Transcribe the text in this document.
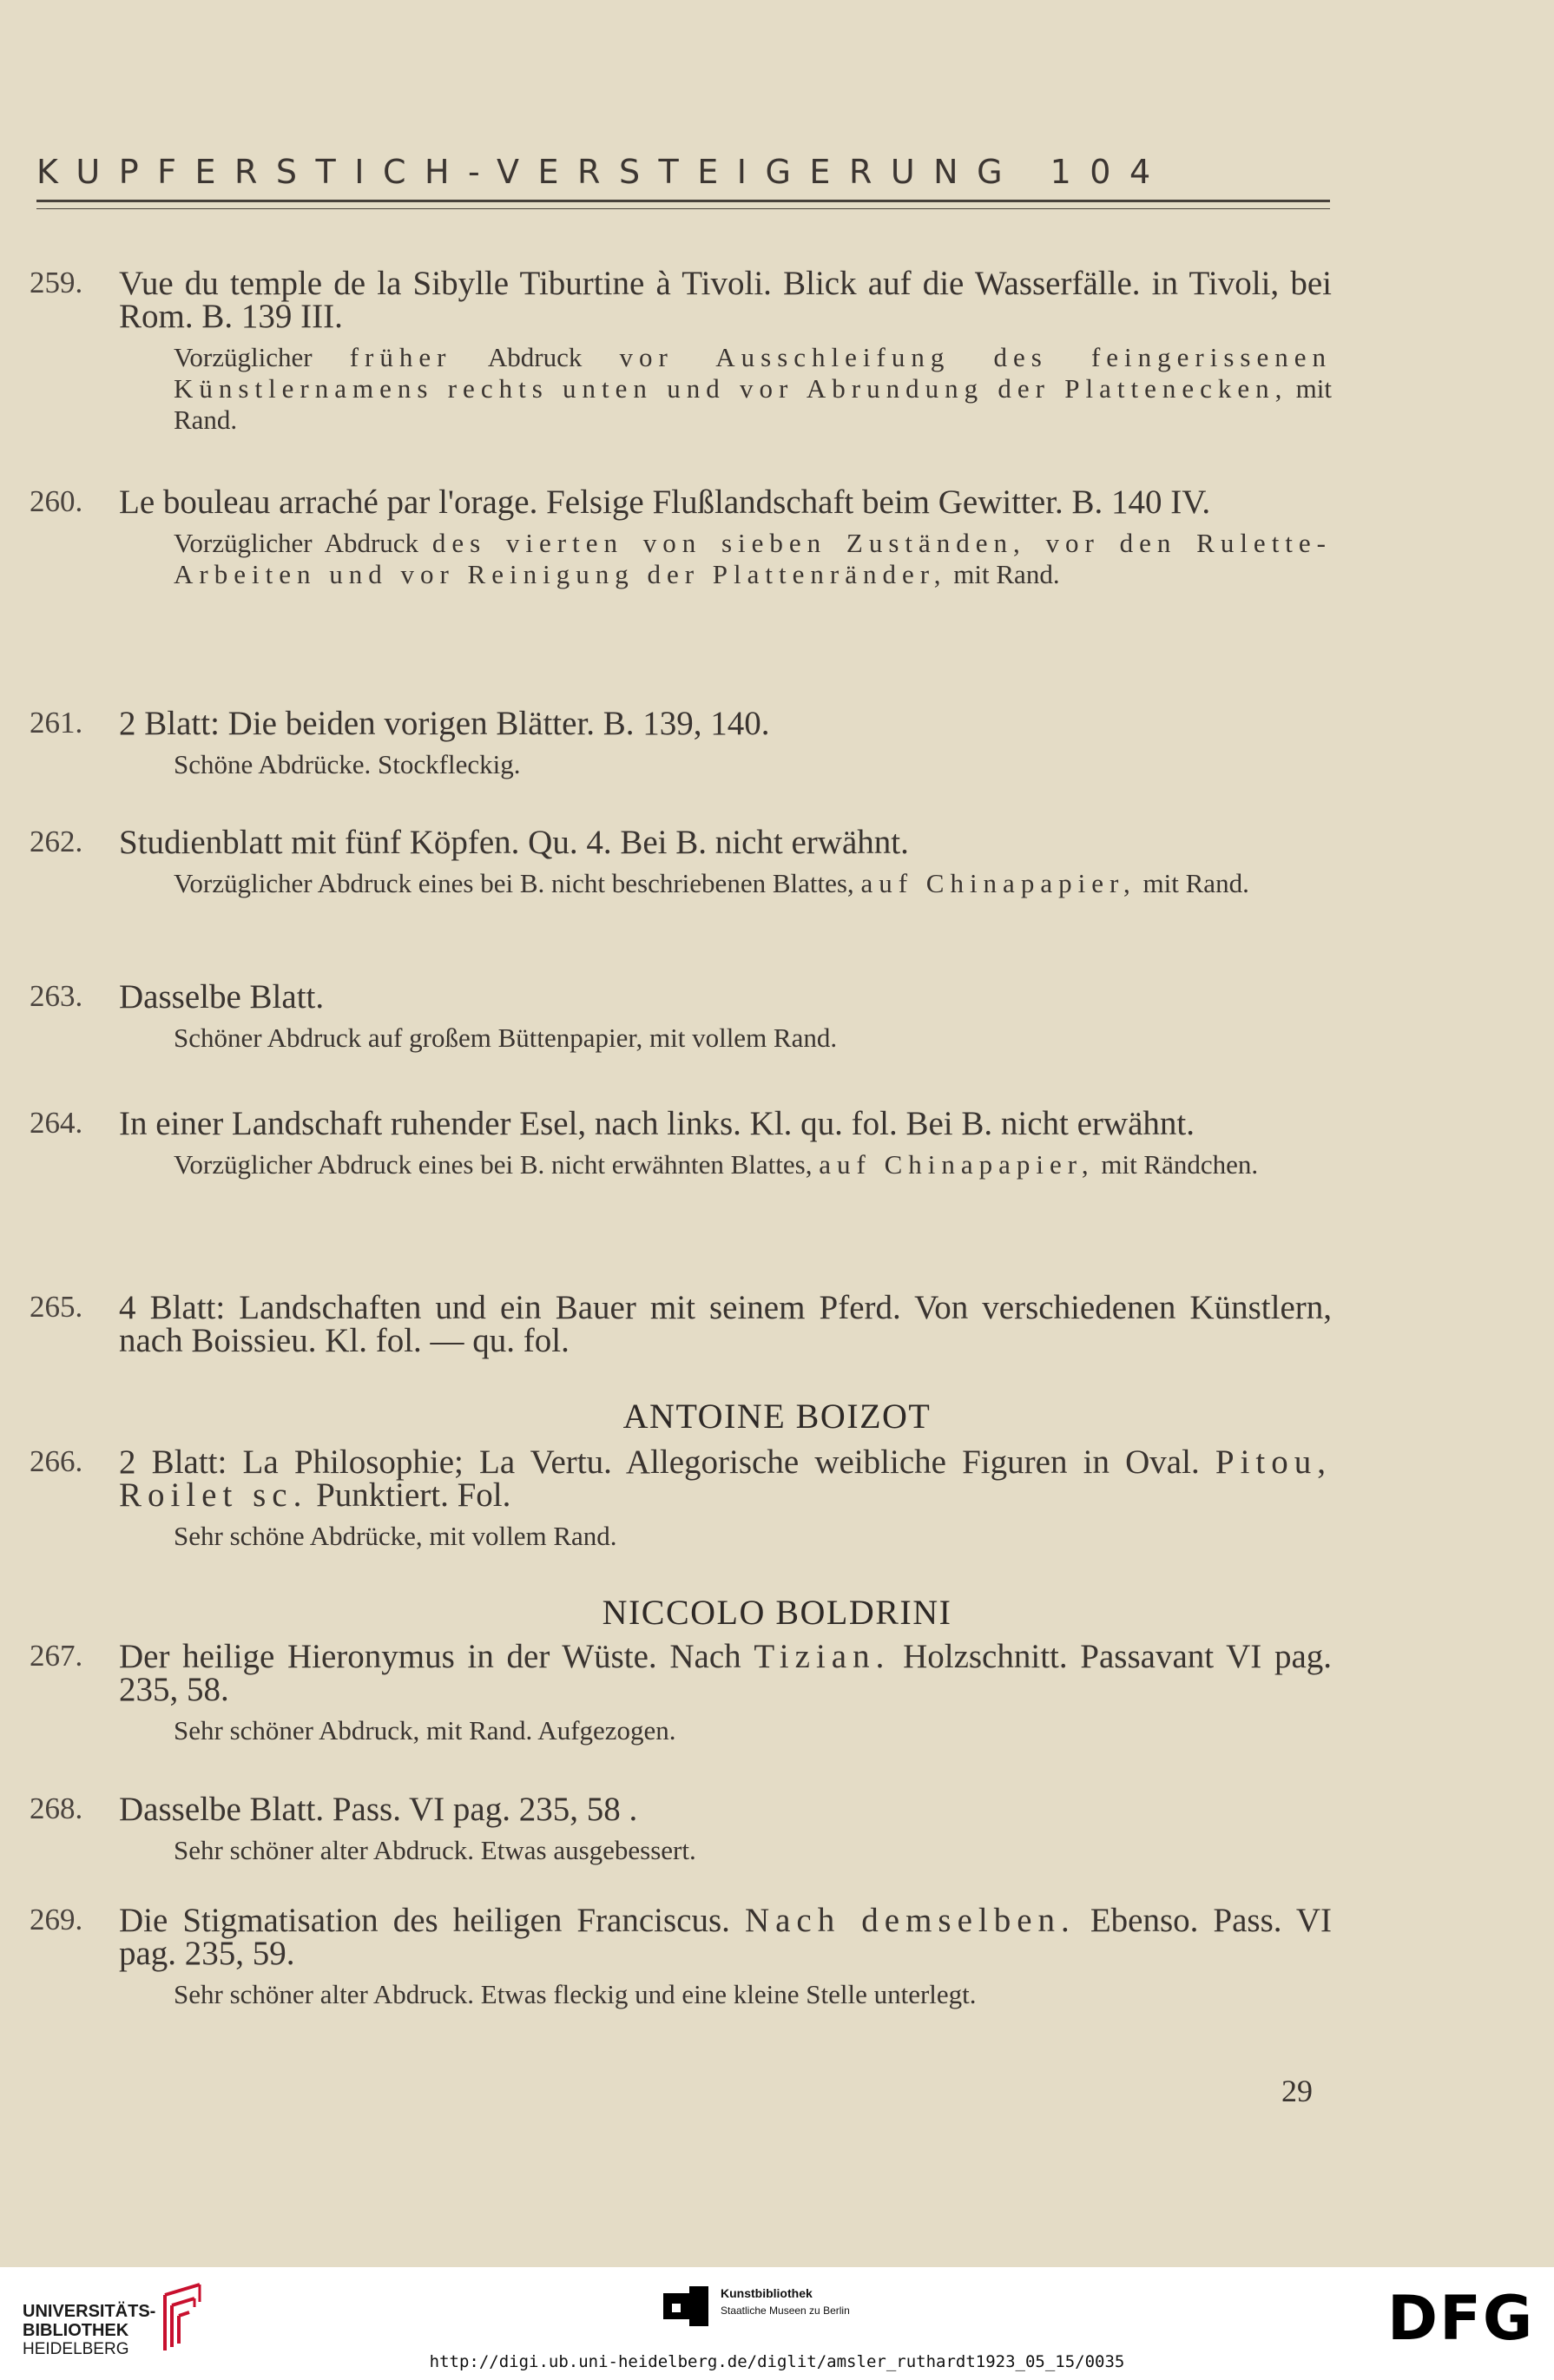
KUPFERSTICH-VERSTEIGERUNG 104
259. Vue du temple de la Sibylle Tiburtine à Tivoli. Blick auf die Wasserfälle. in Tivoli, bei Rom. B. 139 III.
Vorzüglicher früher Abdruck vor Ausschleifung des feingerissenen Künstlernamens rechts unten und vor Abrundung der Plattenecken, mit Rand.
260. Le bouleau arraché par l'orage. Felsige Flußlandschaft beim Gewitter. B. 140 IV.
Vorzüglicher Abdruck des vierten von sieben Zuständen, vor den Rulette-Arbeiten und vor Reinigung der Plattenränder, mit Rand.
261. 2 Blatt: Die beiden vorigen Blätter. B. 139, 140.
Schöne Abdrücke. Stockfleckig.
262. Studienblatt mit fünf Köpfen. Qu. 4. Bei B. nicht erwähnt.
Vorzüglicher Abdruck eines bei B. nicht beschriebenen Blattes, auf Chinapapier, mit Rand.
263. Dasselbe Blatt.
Schöner Abdruck auf großem Büttenpapier, mit vollem Rand.
264. In einer Landschaft ruhender Esel, nach links. Kl. qu. fol. Bei B. nicht erwähnt.
Vorzüglicher Abdruck eines bei B. nicht erwähnten Blattes, auf Chinapapier, mit Rändchen.
265. 4 Blatt: Landschaften und ein Bauer mit seinem Pferd. Von verschiedenen Künstlern, nach Boissieu. Kl. fol. — qu. fol.
ANTOINE BOIZOT
266. 2 Blatt: La Philosophie; La Vertu. Allegorische weibliche Figuren in Oval. Pitou, Roilet sc. Punktiert. Fol.
Sehr schöne Abdrücke, mit vollem Rand.
NICCOLO BOLDRINI
267. Der heilige Hieronymus in der Wüste. Nach Tizian. Holzschnitt. Passavant VI pag. 235, 58.
Sehr schöner Abdruck, mit Rand. Aufgezogen.
268. Dasselbe Blatt. Pass. VI pag. 235, 58 .
Sehr schöner alter Abdruck. Etwas ausgebessert.
269. Die Stigmatisation des heiligen Franciscus. Nach demselben. Ebenso. Pass. VI pag. 235, 59.
Sehr schöner alter Abdruck. Etwas fleckig und eine kleine Stelle unterlegt.
29
UNIVERSITÄTS-
BIBLIOTHEK
HEIDELBERG
Kunstbibliothek
Staatliche Museen zu Berlin	DFG
http://digi.ub.uni-heidelberg.de/diglit/amsler_ruthardt1923_05_15/0035
